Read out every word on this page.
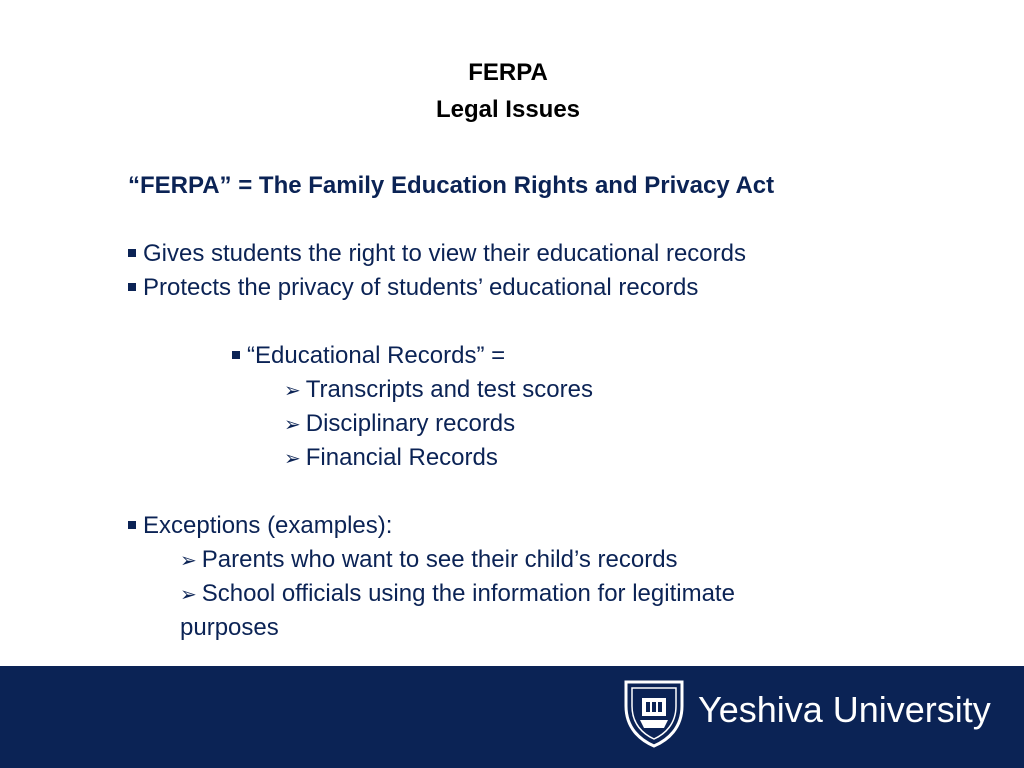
FERPA
Legal Issues
“FERPA” = The Family Education Rights and Privacy Act
Gives students the right to view their educational records
Protects the privacy of students’ educational records
“Educational Records” =
➢ Transcripts and test scores
➢ Disciplinary records
➢ Financial Records
Exceptions (examples):
➢ Parents who want to see their child’s records
➢ School officials using the information for legitimate
purposes
Yeshiva University
